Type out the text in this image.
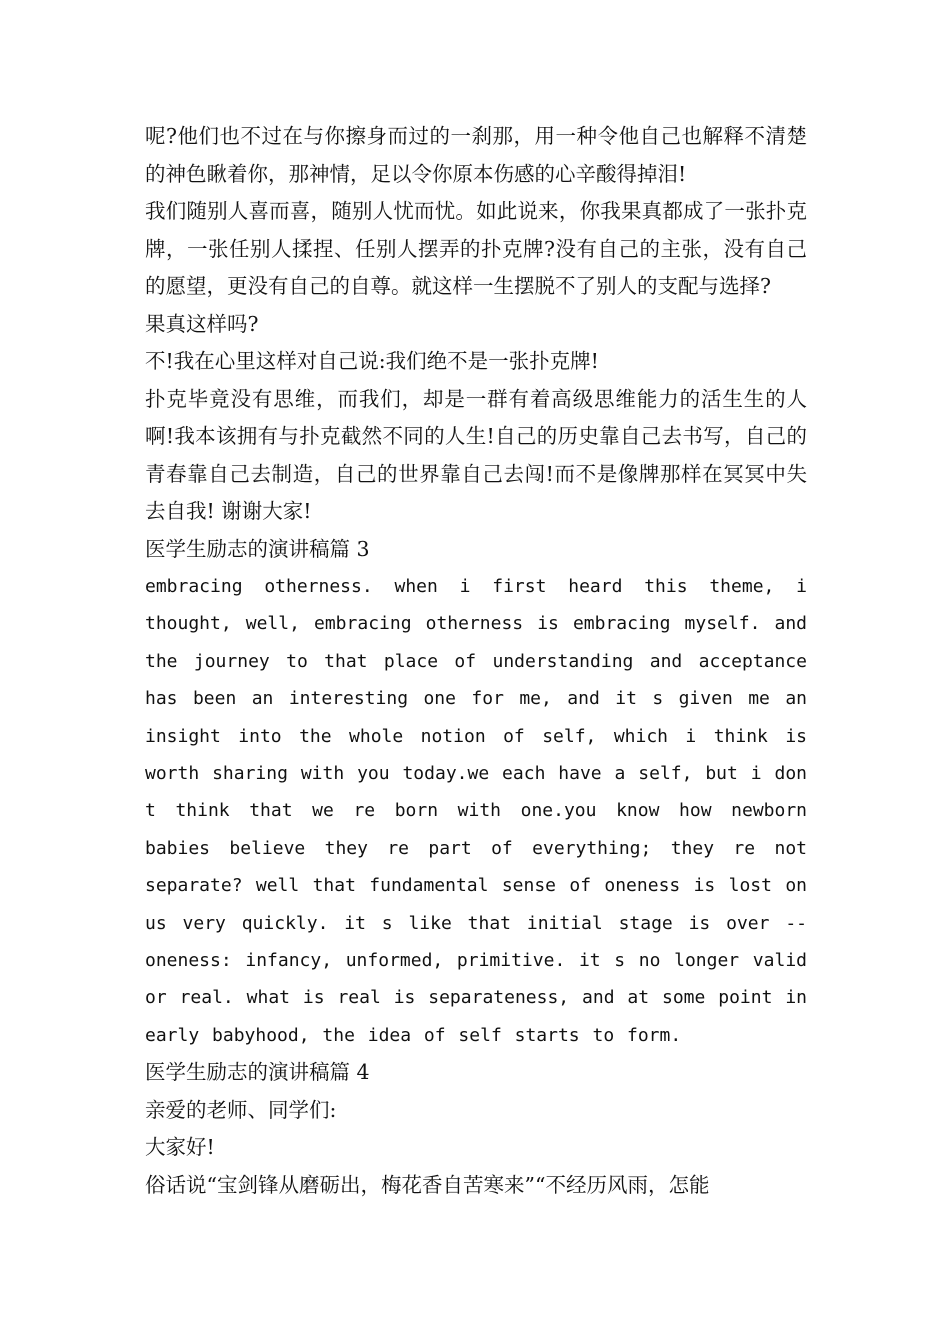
呢?他们也不过在与你擦身而过的一刹那，用一种令他自己也解释不清楚的神色瞅着你，那神情，足以令你原本伤感的心辛酸得掉泪!

我们随别人喜而喜，随别人忧而忧。如此说来，你我果真都成了一张扑克牌，一张任别人揉捏、任别人摆弄的扑克牌?没有自己的主张，没有自己的愿望，更没有自己的自尊。就这样一生摆脱不了别人的支配与选择?

果真这样吗?

不!我在心里这样对自己说:我们绝不是一张扑克牌!

扑克毕竟没有思维，而我们，却是一群有着高级思维能力的活生生的人啊!我本该拥有与扑克截然不同的人生!自己的历史靠自己去书写，自己的青春靠自己去制造，自己的世界靠自己去闯!而不是像牌那样在冥冥中失去自我! 谢谢大家!

医学生励志的演讲稿篇 3

embracing otherness. when i first heard this theme, i thought, well, embracing otherness is embracing myself. and the journey to that place of understanding and acceptance has been an interesting one for me, and it s given me an insight into the whole notion of self, which i think is worth sharing with you today.we each have a self, but i don t think that we re born with one.you know how newborn babies believe they re part of everything; they re not separate? well that fundamental sense of oneness is lost on us very quickly. it s like that initial stage is over -- oneness: infancy, unformed, primitive. it s no longer valid or real. what is real is separateness, and at some point in early babyhood, the idea of self starts to form.

医学生励志的演讲稿篇 4

亲爱的老师、同学们:

大家好!

俗话说“宝剑锋从磨砺出，梅花香自苦寒来”“不经历风雨，怎能
